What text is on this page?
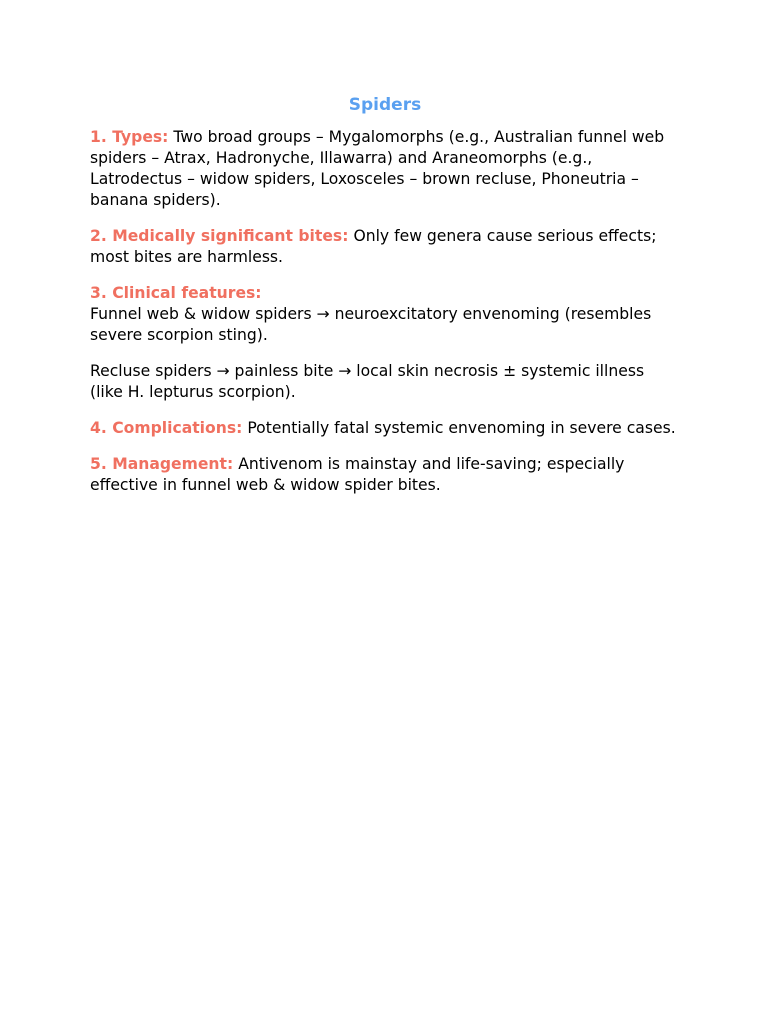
Spiders
1. Types: Two broad groups – Mygalomorphs (e.g., Australian funnel web spiders – Atrax, Hadronyche, Illawarra) and Araneomorphs (e.g., Latrodectus – widow spiders, Loxosceles – brown recluse, Phoneutria – banana spiders).
2. Medically significant bites: Only few genera cause serious effects; most bites are harmless.
3. Clinical features:
Funnel web & widow spiders → neuroexcitatory envenoming (resembles severe scorpion sting).
Recluse spiders → painless bite → local skin necrosis ± systemic illness (like H. lepturus scorpion).
4. Complications: Potentially fatal systemic envenoming in severe cases.
5. Management: Antivenom is mainstay and life-saving; especially effective in funnel web & widow spider bites.
